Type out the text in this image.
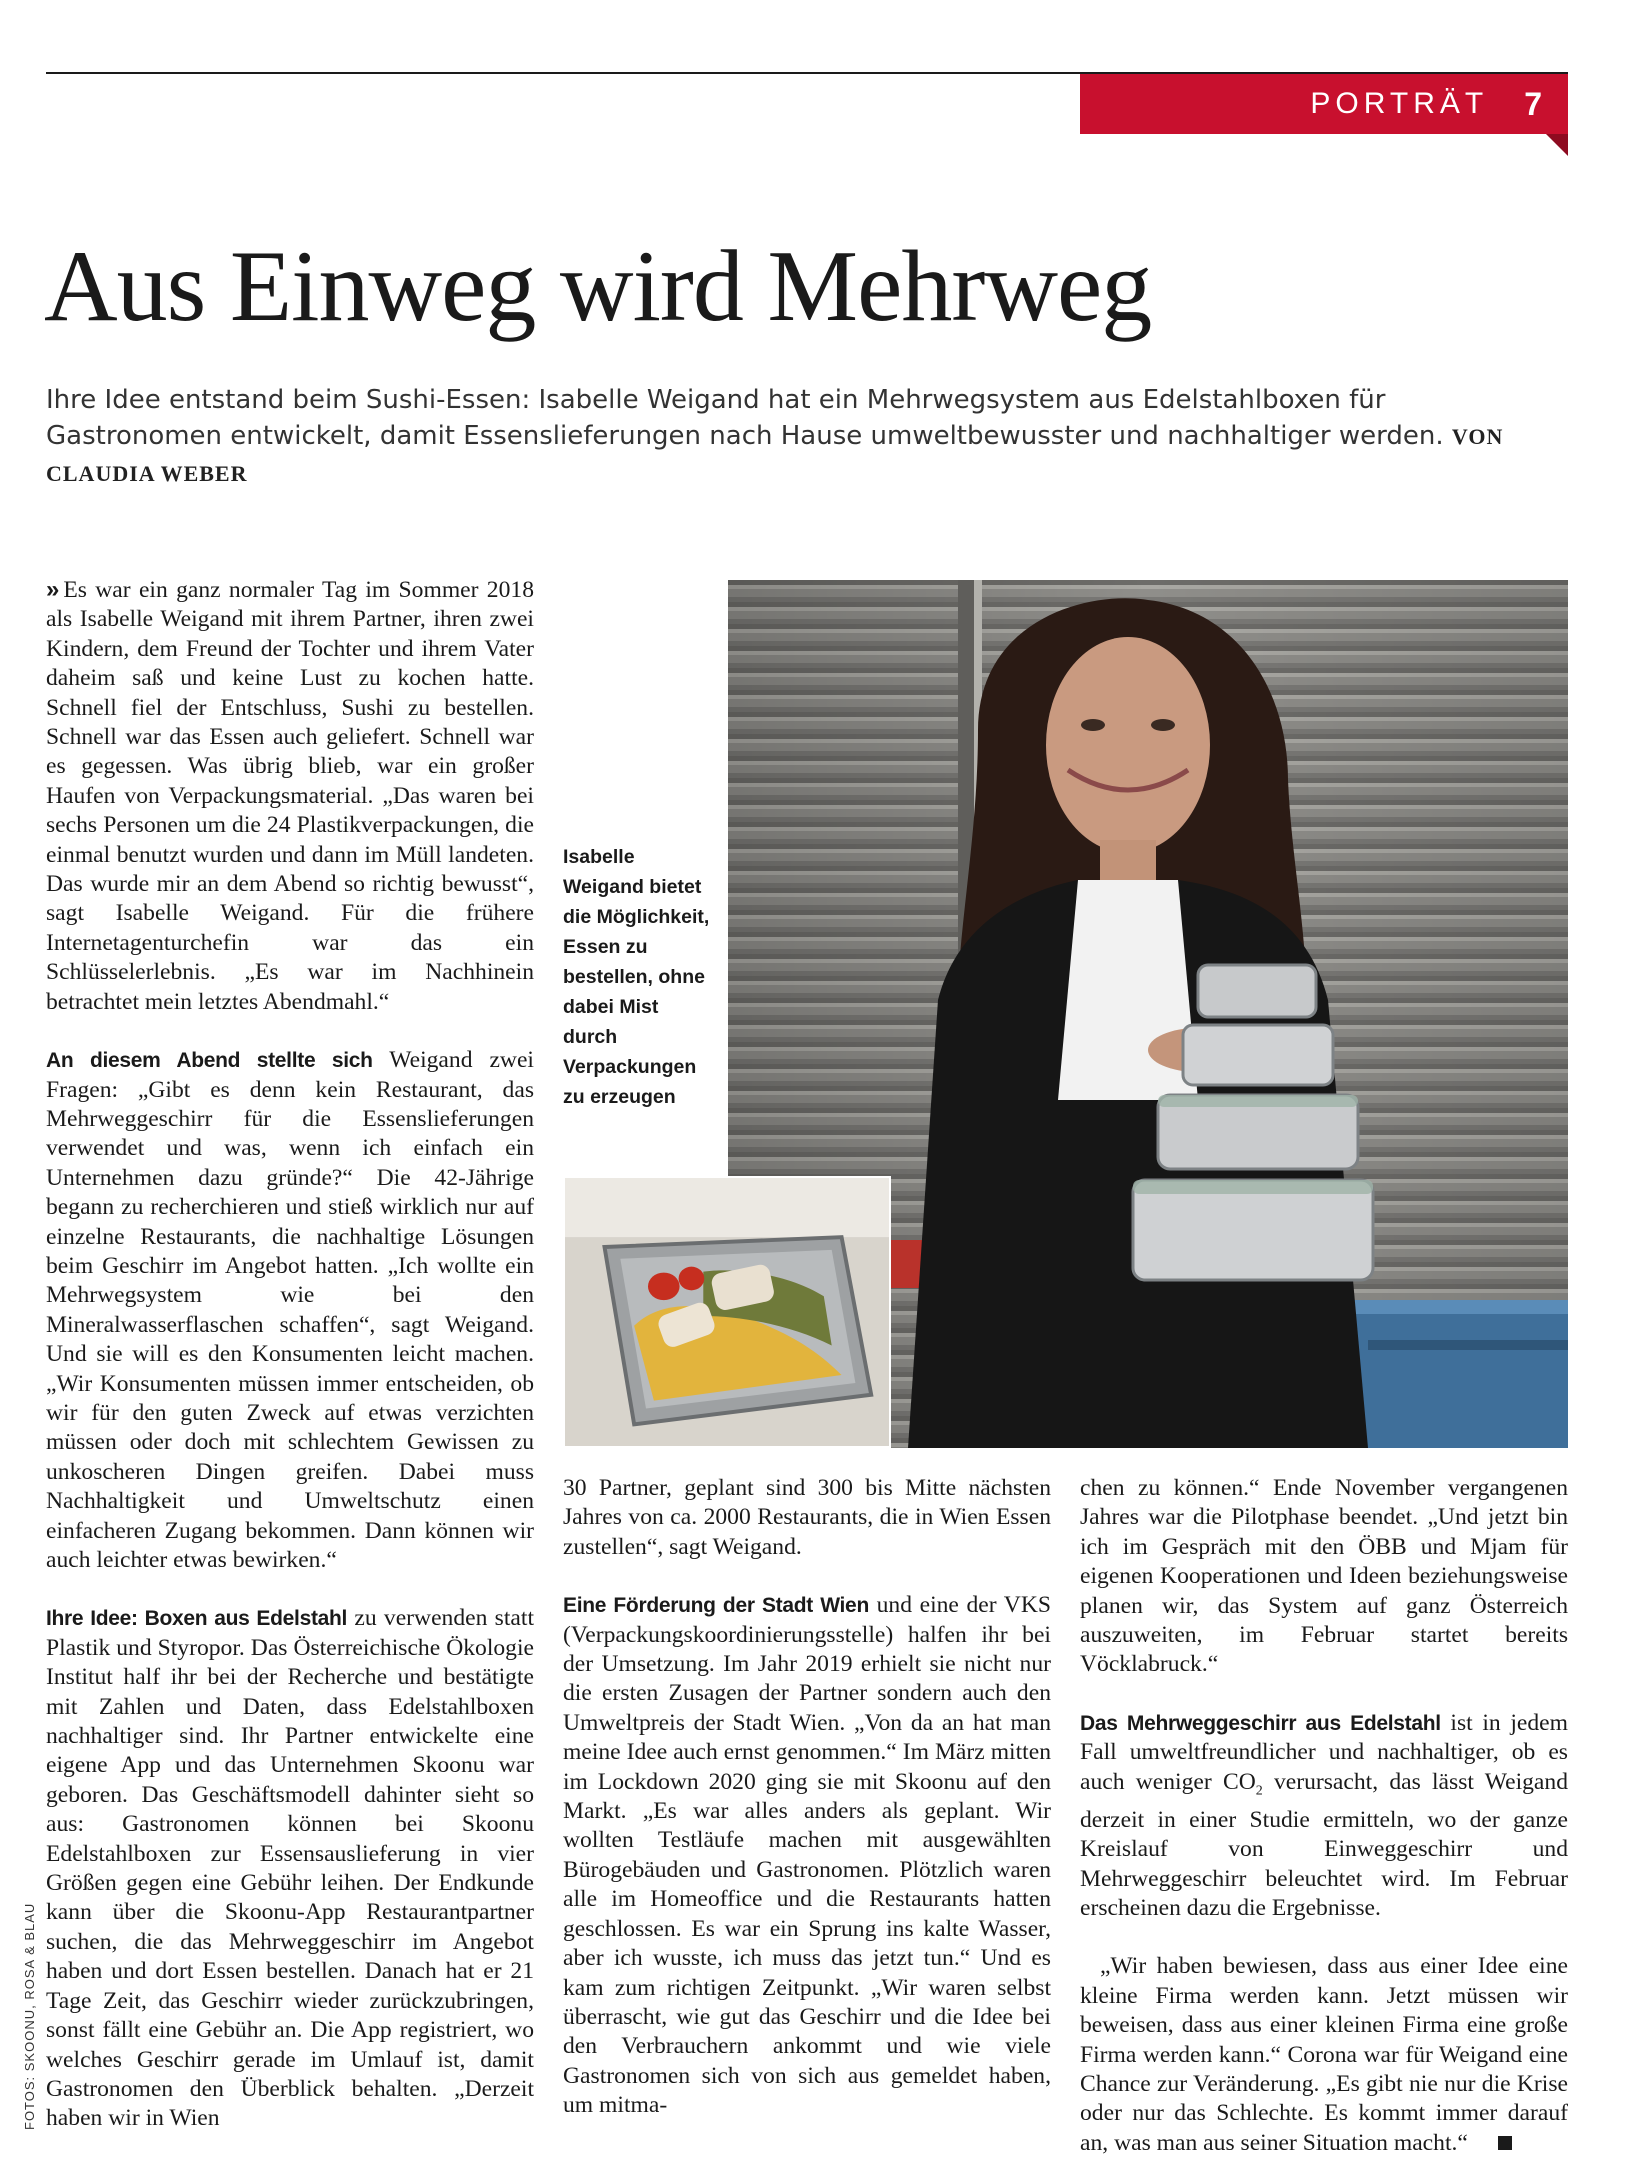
PORTRÄT 7
Aus Einweg wird Mehrweg

Ihre Idee entstand beim Sushi-Essen: Isabelle Weigand hat ein Mehrwegsystem aus Edelstahlboxen für Gastronomen entwickelt, damit Essenslieferungen nach Hause umweltbewusster und nachhaltiger werden. VON CLAUDIA WEBER

» Es war ein ganz normaler Tag im Sommer 2018 als Isabelle Weigand mit ihrem Partner, ihren zwei Kindern, dem Freund der Tochter und ihrem Vater daheim saß und keine Lust zu kochen hatte. Schnell fiel der Entschluss, Sushi zu bestellen. Schnell war das Essen auch geliefert. Schnell war es gegessen. Was übrig blieb, war ein großer Haufen von Verpackungsmaterial. „Das waren bei sechs Personen um die 24 Plastikverpackungen, die einmal benutzt wurden und dann im Müll landeten. Das wurde mir an dem Abend so richtig bewusst“, sagt Isabelle Weigand. Für die frühere Internetagenturchefin war das ein Schlüsselerlebnis. „Es war im Nachhinein betrachtet mein letztes Abendmahl.“

An diesem Abend stellte sich Weigand zwei Fragen: „Gibt es denn kein Restaurant, das Mehrweggeschirr für die Essenslieferungen verwendet und was, wenn ich einfach ein Unternehmen dazu gründe?“ Die 42-Jährige begann zu recherchieren und stieß wirklich nur auf einzelne Restaurants, die nachhaltige Lösungen beim Geschirr im Angebot hatten. „Ich wollte ein Mehrwegsystem wie bei den Mineralwasserflaschen schaffen“, sagt Weigand. Und sie will es den Konsumenten leicht machen. „Wir Konsumenten müssen immer entscheiden, ob wir für den guten Zweck auf etwas verzichten müssen oder doch mit schlechtem Gewissen zu unkoscheren Dingen greifen. Dabei muss Nachhaltigkeit und Umweltschutz einen einfacheren Zugang bekommen. Dann können wir auch leichter etwas bewirken.“

Ihre Idee: Boxen aus Edelstahl zu verwenden statt Plastik und Styropor. Das Österreichische Ökologie Institut half ihr bei der Recherche und bestätigte mit Zahlen und Daten, dass Edelstahlboxen nachhaltiger sind. Ihr Partner entwickelte eine eigene App und das Unternehmen Skoonu war geboren. Das Geschäftsmodell dahinter sieht so aus: Gastronomen können bei Skoonu Edelstahlboxen zur Essensauslieferung in vier Größen gegen eine Gebühr leihen. Der Endkunde kann über die Skoonu-App Restaurantpartner suchen, die das Mehrweggeschirr im Angebot haben und dort Essen bestellen. Danach hat er 21 Tage Zeit, das Geschirr wieder zurückzubringen, sonst fällt eine Gebühr an. Die App registriert, wo welches Geschirr gerade im Umlauf ist, damit Gastronomen den Überblick behalten. „Derzeit haben wir in Wien

Isabelle Weigand bietet die Möglichkeit, Essen zu bestellen, ohne dabei Mist durch Verpackungen zu erzeugen

30 Partner, geplant sind 300 bis Mitte nächsten Jahres von ca. 2000 Restaurants, die in Wien Essen zustellen“, sagt Weigand.

Eine Förderung der Stadt Wien und eine der VKS (Verpackungskoordinierungsstelle) halfen ihr bei der Umsetzung. Im Jahr 2019 erhielt sie nicht nur die ersten Zusagen der Partner sondern auch den Umweltpreis der Stadt Wien. „Von da an hat man meine Idee auch ernst genommen.“ Im März mitten im Lockdown 2020 ging sie mit Skoonu auf den Markt. „Es war alles anders als geplant. Wir wollten Testläufe machen mit ausgewählten Bürogebäuden und Gastronomen. Plötzlich waren alle im Homeoffice und die Restaurants hatten geschlossen. Es war ein Sprung ins kalte Wasser, aber ich wusste, ich muss das jetzt tun.“ Und es kam zum richtigen Zeitpunkt. „Wir waren selbst überrascht, wie gut das Geschirr und die Idee bei den Verbrauchern ankommt und wie viele Gastronomen sich von sich aus gemeldet haben, um mitma-

chen zu können.“ Ende November vergangenen Jahres war die Pilotphase beendet. „Und jetzt bin ich im Gespräch mit den ÖBB und Mjam für eigenen Kooperationen und Ideen beziehungsweise planen wir, das System auf ganz Österreich auszuweiten, im Februar startet bereits Vöcklabruck.“

Das Mehrweggeschirr aus Edelstahl ist in jedem Fall umweltfreundlicher und nachhaltiger, ob es auch weniger $CO_2$ verursacht, das lässt Weigand derzeit in einer Studie ermitteln, wo der ganze Kreislauf von Einweggeschirr und Mehrweggeschirr beleuchtet wird. Im Februar erscheinen dazu die Ergebnisse.

„Wir haben bewiesen, dass aus einer Idee eine kleine Firma werden kann. Jetzt müssen wir beweisen, dass aus einer kleinen Firma eine große Firma werden kann.“ Corona war für Weigand eine Chance zur Veränderung. „Es gibt nie nur die Krise oder nur das Schlechte. Es kommt immer darauf an, was man aus seiner Situation macht.“

FOTOS: SKOONU, ROSA & BLAU
